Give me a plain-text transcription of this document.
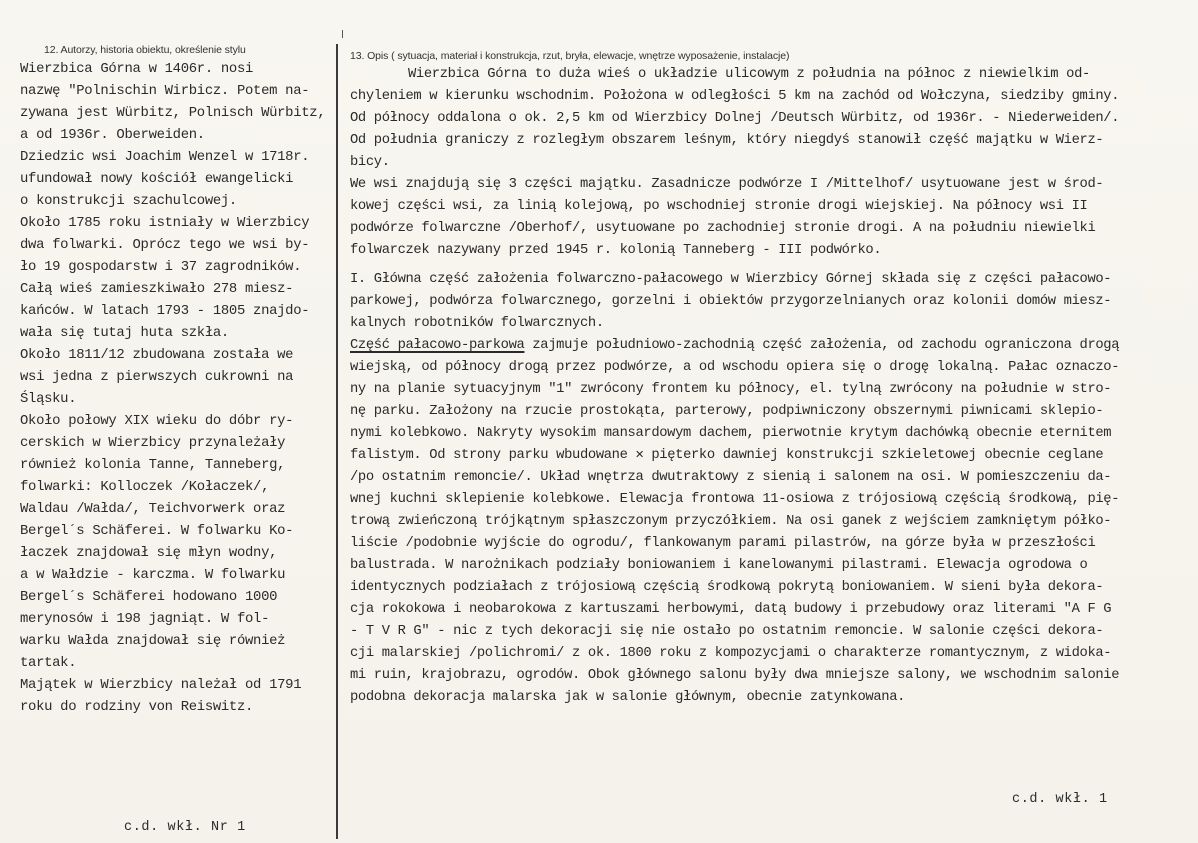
12. Autorzy, historia obiektu, określenie stylu
Wierzbica Górna w 1406r. nosi
nazwę "Polnischin Wirbicz. Potem na-
zywana jest Würbitz, Polnisch Würbitz,
a od 1936r. Oberweiden.
Dziedzic wsi Joachim Wenzel w 1718r.
ufundował nowy kościół ewangelicki
o konstrukcji szachulcowej.
Około 1785 roku istniały w Wierzbicy
dwa folwarki. Oprócz tego we wsi by-
ło 19 gospodarstw i 37 zagrodników.
Całą wieś zamieszkiwało 278 miesz-
kańców. W latach 1793 - 1805 znajdo-
wała się tutaj huta szkła.
Około 1811/12 zbudowana została we
wsi jedna z pierwszych cukrowni na
Śląsku.
Około połowy XIX wieku do dóbr ry-
cerskich w Wierzbicy przynależały
również kolonia Tanne, Tanneberg,
folwarki: Kolloczek /Kołaczek/,
Waldau /Wałda/, Teichvorwerk oraz
Bergel´s Schäferei. W folwarku Ko-
łaczek znajdował się młyn wodny,
a w Wałdzie - karczma. W folwarku
Bergel´s Schäferei hodowano 1000
merynosów i 198 jagniąt. W fol-
warku Wałda znajdował się również
tartak.
Majątek w Wierzbicy należał od 1791
roku do rodziny von Reiswitz.
c.d. wkł. Nr 1
13. Opis ( sytuacja, materiał i konstrukcja, rzut, bryła, elewacje, wnętrze wyposażenie, instalacje)
Wierzbica Górna to duża wieś o układzie ulicowym z południa na północ z niewielkim od-
chyleniem w kierunku wschodnim. Położona w odległości 5 km na zachód od Wołczyna, siedziby gminy.
Od północy oddalona o ok. 2,5 km od Wierzbicy Dolnej /Deutsch Würbitz, od 1936r. - Niederweiden/.
Od południa graniczy z rozległym obszarem leśnym, który niegdyś stanowił część majątku w Wierz-
bicy.
We wsi znajdują się 3 części majątku. Zasadnicze podwórze I /Mittelhof/ usytuowane jest w środ-
kowej części wsi, za linią kolejową, po wschodniej stronie drogi wiejskiej. Na północy wsi II
podwórze folwarczne /Oberhof/, usytuowane po zachodniej stronie drogi. A na południu niewielki
folwarczek nazywany przed 1945 r. kolonią Tanneberg - III podwórko.
I. Główna część założenia folwarczno-pałacowego w Wierzbicy Górnej składa się z części pałacowo-
parkowej, podwórza folwarcznego, gorzelni i obiektów przygorzelnianych oraz kolonii domów miesz-
kalnych robotników folwarcznych.
Część pałacowo-parkowa zajmuje południowo-zachodnią część założenia, od zachodu ograniczona drogą
wiejską, od północy drogą przez podwórze, a od wschodu opiera się o drogę lokalną. Pałac oznaczo-
ny na planie sytuacyjnym "1" zwrócony frontem ku północy, el. tylną zwrócony na południe w stro-
nę parku. Założony na rzucie prostokąta, parterowy, podpiwniczony obszernymi piwnicami sklepio-
nymi kolebkowo. Nakryty wysokim mansardowym dachem, pierwotnie krytym dachówką obecnie eternitem
falistym. Od strony parku wbudowane ✕ pięterko dawniej konstrukcji szkieletowej obecnie ceglane
/po ostatnim remoncie/. Układ wnętrza dwutraktowy z sienią i salonem na osi. W pomieszczeniu da-
wnej kuchni sklepienie kolebkowe. Elewacja frontowa 11-osiowa z trójosiową częścią środkową, pię-
trową zwieńczoną trójkątnym spłaszczonym przyczółkiem. Na osi ganek z wejściem zamkniętym półko-
liście /podobnie wyjście do ogrodu/, flankowanym parami pilastrów, na górze była w przeszłości
balustrada. W narożnikach podziały boniowaniem i kanelowanymi pilastrami. Elewacja ogrodowa o
identycznych podziałach z trójosiową częścią środkową pokrytą boniowaniem. W sieni była dekora-
cja rokokowa i neobarokowa z kartuszami herbowymi, datą budowy i przebudowy oraz literami "A F G
- T V R G" - nic z tych dekoracji się nie ostało po ostatnim remoncie. W salonie części dekora-
cji malarskiej /polichromi/ z ok. 1800 roku z kompozycjami o charakterze romantycznym, z widoka-
mi ruin, krajobrazu, ogrodów. Obok głównego salonu były dwa mniejsze salony, we wschodnim salonie
podobna dekoracja malarska jak w salonie głównym, obecnie zatynkowana.
c.d. wkł. 1
